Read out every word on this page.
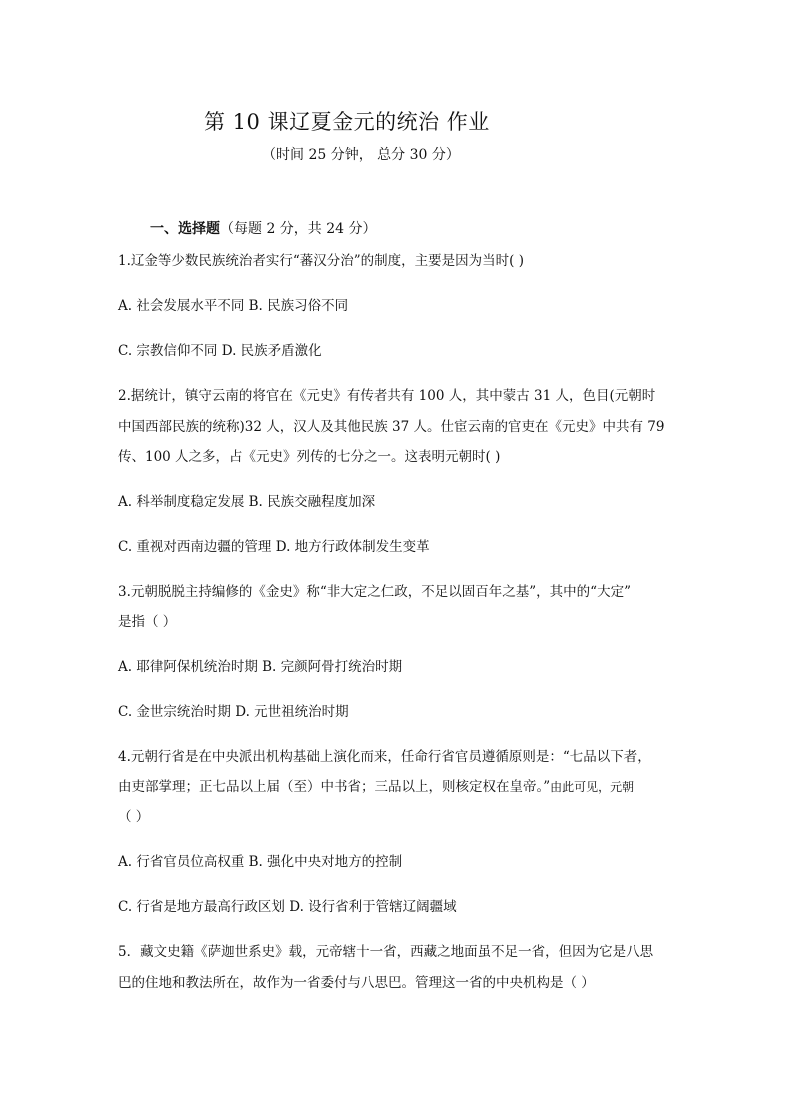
第 10 课辽夏金元的统治 作业
（时间 25 分钟， 总分 30 分）
一、选择题（每题 2 分，共 24 分）
1.辽金等少数民族统治者实行“蕃汉分治”的制度，主要是因为当时( )
A. 社会发展水平不同 B. 民族习俗不同
C. 宗教信仰不同 D. 民族矛盾激化
2.据统计，镇守云南的将官在《元史》有传者共有 100 人，其中蒙古 31 人，色目(元朝时
中国西部民族的统称)32 人，汉人及其他民族 37 人。仕宦云南的官吏在《元史》中共有 79
传、100 人之多，占《元史》列传的七分之一。这表明元朝时( )
A. 科举制度稳定发展 B. 民族交融程度加深
C. 重视对西南边疆的管理 D. 地方行政体制发生变革
3.元朝脱脱主持编修的《金史》称“非大定之仁政，不足以固百年之基”，其中的“大定”
是指（ ）
A. 耶律阿保机统治时期 B. 完颜阿骨打统治时期
C. 金世宗统治时期 D. 元世祖统治时期
4.元朝行省是在中央派出机构基础上演化而来，任命行省官员遵循原则是：“七品以下者，
由吏部掌理；正七品以上届（至）中书省；三品以上，则核定权在皇帝。”由此可见，元朝
（ ）
A. 行省官员位高权重 B. 强化中央对地方的控制
C. 行省是地方最高行政区划 D. 设行省利于管辖辽阔疆域
5．藏文史籍《萨迦世系史》载，元帝辖十一省，西藏之地面虽不足一省，但因为它是八思
巴的住地和教法所在，故作为一省委付与八思巴。管理这一省的中央机构是（ ）
